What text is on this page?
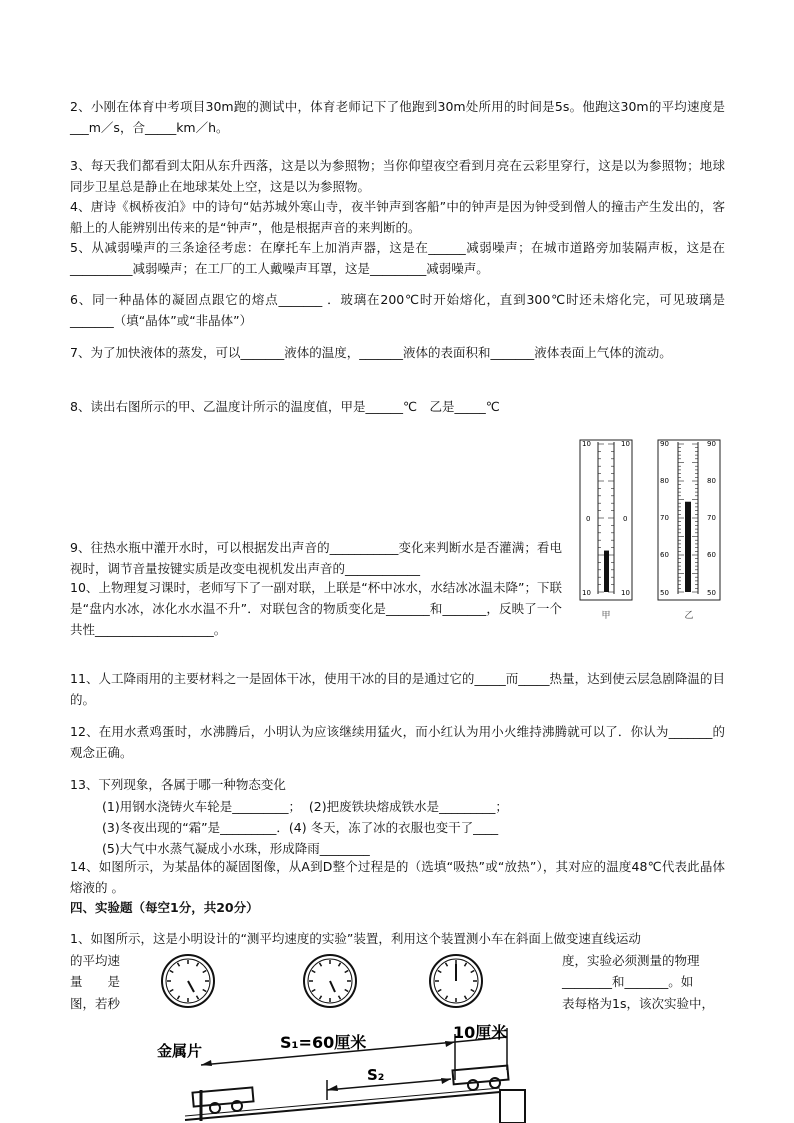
2、小刚在体育中考项目30m跑的测试中，体育老师记下了他跑到30m处所用的时间是5s。他跑这30m的平均速度是___m／s，合_____km／h。
3、每天我们都看到太阳从东升西落，这是以为参照物；当你仰望夜空看到月亮在云彩里穿行，这是以为参照物；地球同步卫星总是静止在地球某处上空，这是以为参照物。
4、唐诗《枫桥夜泊》中的诗句“姑苏城外寒山寺，夜半钟声到客船”中的钟声是因为钟受到僧人的撞击产生发出的，客船上的人能辨别出传来的是“钟声”，他是根据声音的来判断的。
5、从减弱噪声的三条途径考虑：在摩托车上加消声器，这是在______减弱噪声；在城市道路旁加装隔声板，这是在__________减弱噪声；在工厂的工人戴噪声耳罩，这是_________减弱噪声。
6、同一种晶体的凝固点跟它的熔点_______ ．玻璃在200℃时开始熔化，直到300℃时还未熔化完，可见玻璃是_______（填“晶体”或“非晶体”）
7、为了加快液体的蒸发，可以_______液体的温度，_______液体的表面积和_______液体表面上气体的流动。
8、读出右图所示的甲、乙温度计所示的温度值，甲是______℃　乙是_____℃
9、往热水瓶中灌开水时，可以根据发出声音的___________变化来判断水是否灌满；看电视时，调节音量按键实质是改变电视机发出声音的____________
10、上物理复习课时，老师写下了一副对联，上联是“杯中冰水，水结冰冰温未降”；下联是“盘内水冰，冰化水水温不升”．对联包含的物质变化是_______和_______，反映了一个共性___________________。
10	10
0	0
10	10
甲
90	90
80	80
70	70
60	60
50	50
乙
11、人工降雨用的主要材料之一是固体干冰，使用干冰的目的是通过它的_____而_____热量，达到使云层急剧降温的目的。
12、在用水煮鸡蛋时，水沸腾后，小明认为应该继续用猛火，而小红认为用小火维持沸腾就可以了．你认为_______的观念正确。
13、下列现象，各属于哪一种物态变化
(1)用钢水浇铸火车轮是_________；  (2)把废铁块熔成铁水是_________；
(3)冬夜出现的“霜”是_________．(4) 冬天，冻了冰的衣服也变干了____
(5)大气中水蒸气凝成小水珠，形成降雨________
14、如图所示，为某晶体的凝固图像，从A到D整个过程是的（选填“吸热”或“放热”），其对应的温度48℃代表此晶体熔液的 。
四、实验题（每空1分，共20分）
1、如图所示，这是小明设计的“测平均速度的实验”装置，利用这个装置测小车在斜面上做变速直线运动
的平均速	度，实验必须测量的物理
量　　是	________和_______。如
图，若秒	表每格为1s，该次实验中，
金属片	S₁=60厘米
S₂
10厘米
